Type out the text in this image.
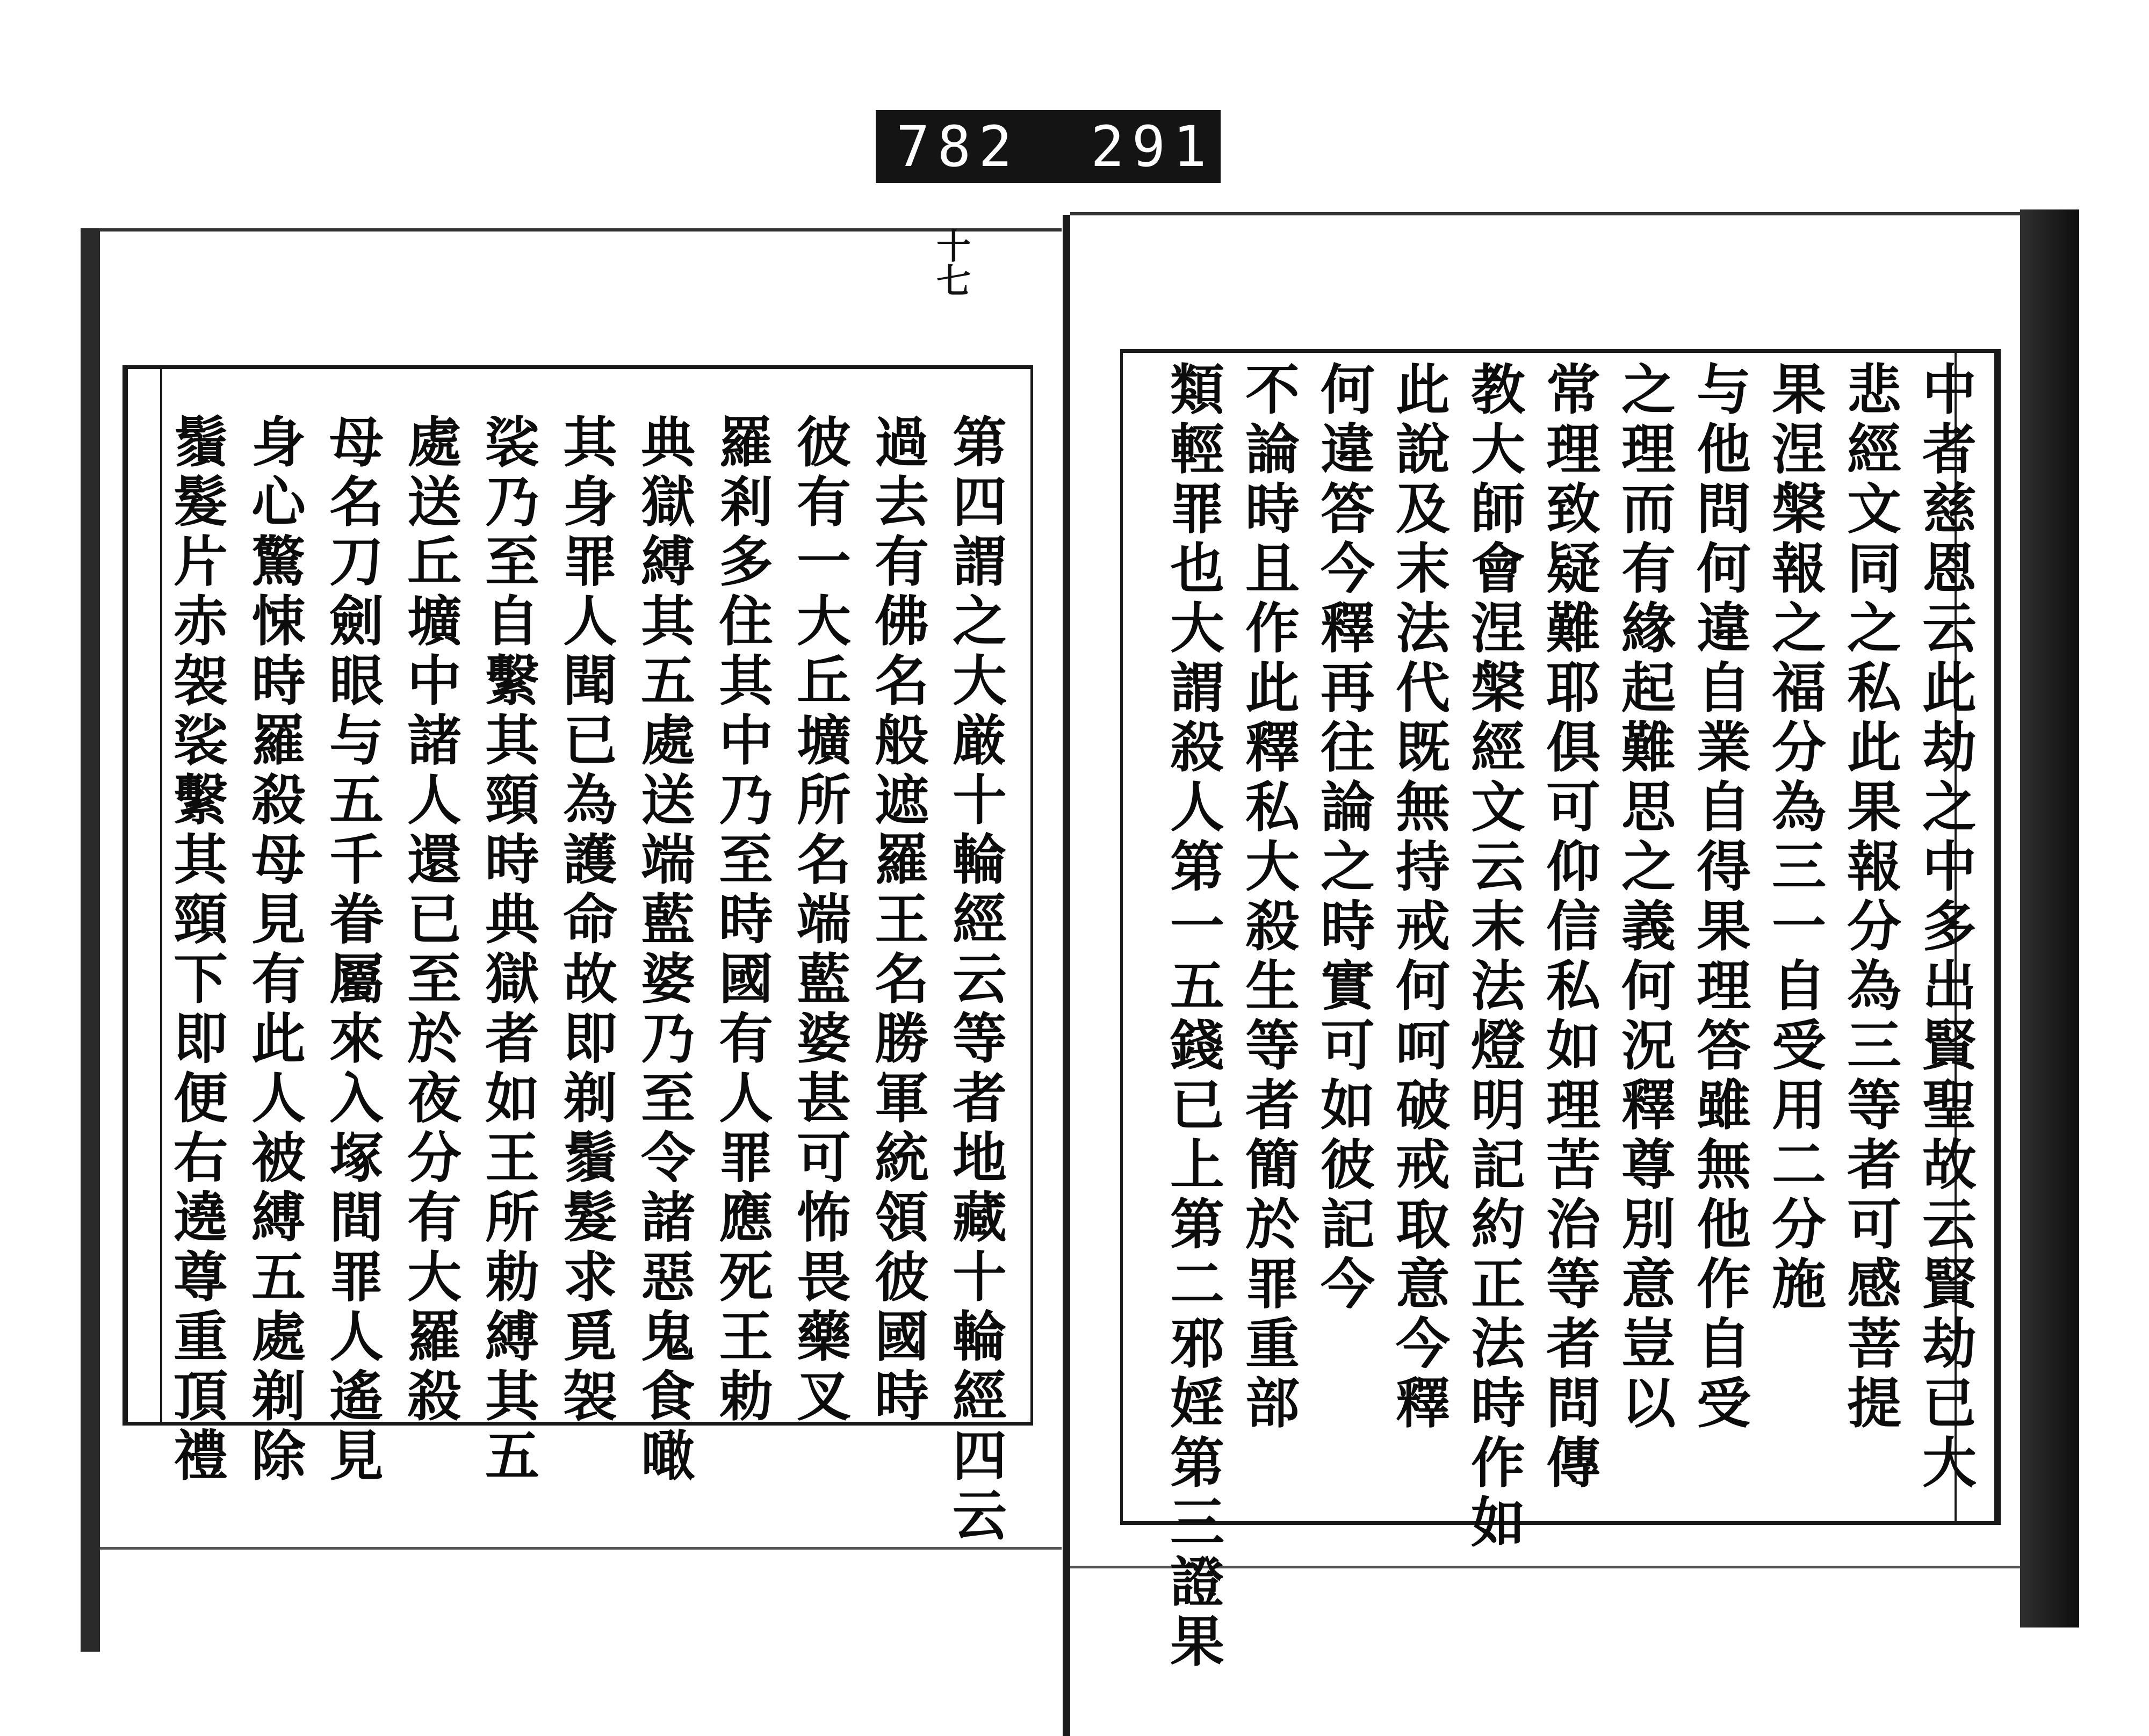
782 291
十七
第四謂之大厳十輪經云等者地藏十輪經四云
過去有佛名般遮羅王名勝軍統領彼國時
彼有一大丘壙所名端藍婆甚可怖畏藥叉
羅剎多住其中乃至時國有人罪應死王勅
典獄縛其五處送端藍婆乃至令諸惡鬼食噉
其身罪人聞已為護命故即剃鬚髮求覓袈
裟乃至自繫其頸時典獄者如王所勅縛其五
處送丘壙中諸人還已至於夜分有大羅殺
母名刀劍眼与五千眷屬來入塚間罪人遙見
身心驚悚時羅殺母見有此人被縛五處剃除
鬚髮片赤袈裟繫其頸下即便右遶尊重頂禮	中者慈恩云此劫之中多出賢聖故云賢劫已大
悲經文同之私此果報分為三等者可感菩提
果涅槃報之福分為三一自受用二分施
与他問何違自業自得果理答雖無他作自受
之理而有緣起難思之義何況釋尊別意豈以
常理致疑難耶俱可仰信私如理苦治等者問傳
教大師會涅槃經文云末法燈明記約正法時作如
此說及末法代既無持戒何呵破戒取意今釋
何違答今釋再往論之時實可如彼記今
不論時且作此釋私大殺生等者簡於罪重部
類輕罪也大謂殺人第一五錢已上第二邪婬第三證果
